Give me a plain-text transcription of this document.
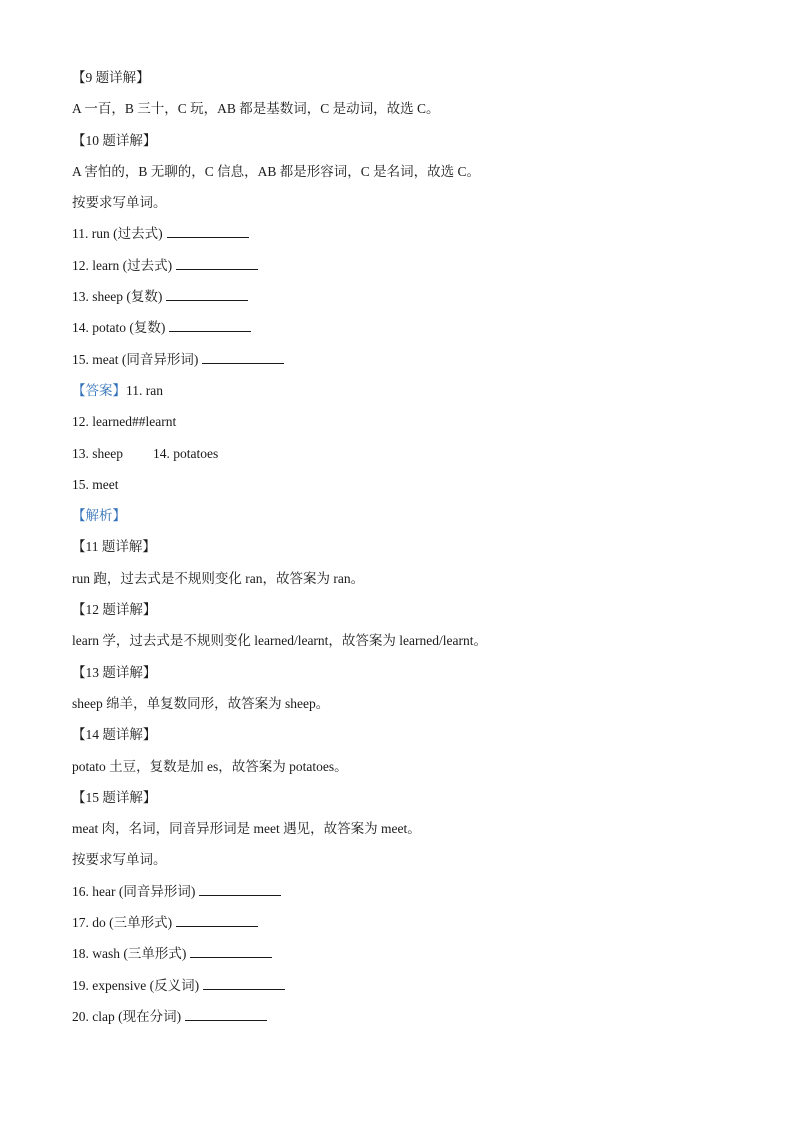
【9 题详解】
A 一百，B 三十，C 玩，AB 都是基数词，C 是动词，故选 C。
【10 题详解】
A 害怕的，B 无聊的，C 信息，AB 都是形容词，C 是名词，故选 C。
按要求写单词。
11. run (过去式)
12. learn (过去式)
13. sheep (复数)
14. potato (复数)
15. meat (同音异形词)
【答案】11. ran
12. learned##learnt
13. sheep 14. potatoes
15. meet
【解析】
【11 题详解】
run 跑，过去式是不规则变化 ran，故答案为 ran。
【12 题详解】
learn 学，过去式是不规则变化 learned/learnt，故答案为 learned/learnt。
【13 题详解】
sheep 绵羊，单复数同形，故答案为 sheep。
【14 题详解】
potato 土豆，复数是加 es，故答案为 potatoes。
【15 题详解】
meat 肉，名词，同音异形词是 meet 遇见，故答案为 meet。
按要求写单词。
16. hear (同音异形词)
17. do (三单形式)
18. wash (三单形式)
19. expensive (反义词)
20. clap (现在分词)
